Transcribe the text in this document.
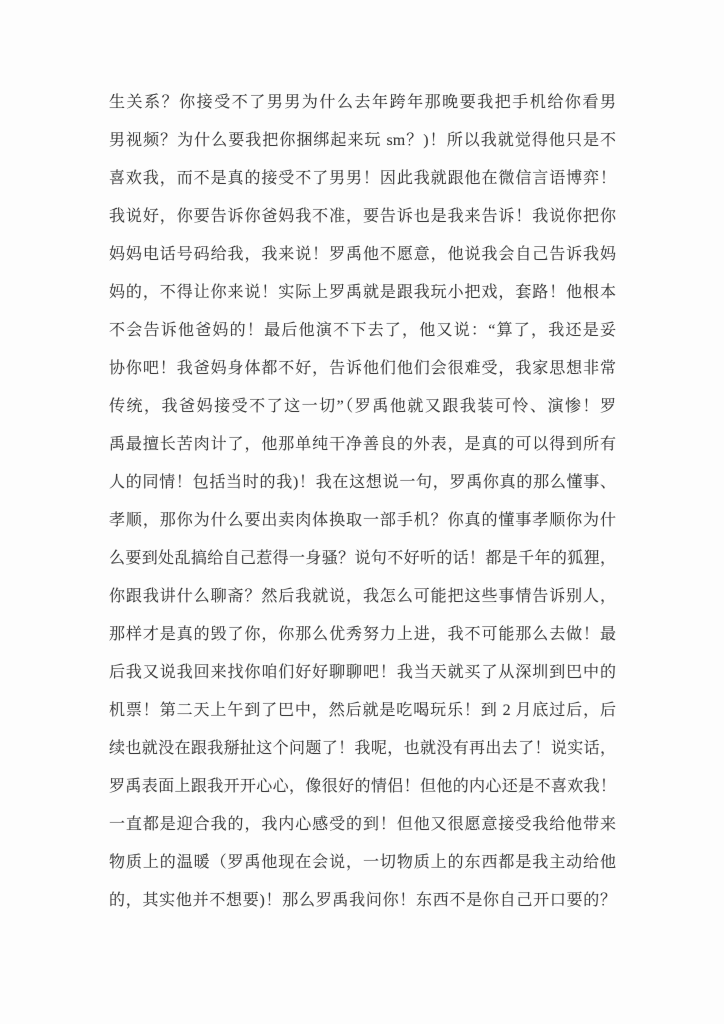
生关系？你接受不了男男为什么去年跨年那晚要我把手机给你看男
男视频？为什么要我把你捆绑起来玩 sm？)！所以我就觉得他只是不
喜欢我，而不是真的接受不了男男！因此我就跟他在微信言语博弈！
我说好，你要告诉你爸妈我不准，要告诉也是我来告诉！我说你把你
妈妈电话号码给我，我来说！罗禹他不愿意，他说我会自己告诉我妈
妈的，不得让你来说！实际上罗禹就是跟我玩小把戏，套路！他根本
不会告诉他爸妈的！最后他演不下去了，他又说：“算了，我还是妥
协你吧！我爸妈身体都不好，告诉他们他们会很难受，我家思想非常
传统，我爸妈接受不了这一切”（罗禹他就又跟我装可怜、演惨！罗
禹最擅长苦肉计了，他那单纯干净善良的外表，是真的可以得到所有
人的同情！包括当时的我)！我在这想说一句，罗禹你真的那么懂事、
孝顺，那你为什么要出卖肉体换取一部手机？你真的懂事孝顺你为什
么要到处乱搞给自己惹得一身骚？说句不好听的话！都是千年的狐狸，
你跟我讲什么聊斋？然后我就说，我怎么可能把这些事情告诉别人，
那样才是真的毁了你，你那么优秀努力上进，我不可能那么去做！最
后我又说我回来找你咱们好好聊聊吧！我当天就买了从深圳到巴中的
机票！第二天上午到了巴中，然后就是吃喝玩乐！到 2 月底过后，后
续也就没在跟我掰扯这个问题了！我呢，也就没有再出去了！说实话，
罗禹表面上跟我开开心心，像很好的情侣！但他的内心还是不喜欢我！
一直都是迎合我的，我内心感受的到！但他又很愿意接受我给他带来
物质上的温暖（罗禹他现在会说，一切物质上的东西都是我主动给他
的，其实他并不想要)！那么罗禹我问你！东西不是你自己开口要的？
